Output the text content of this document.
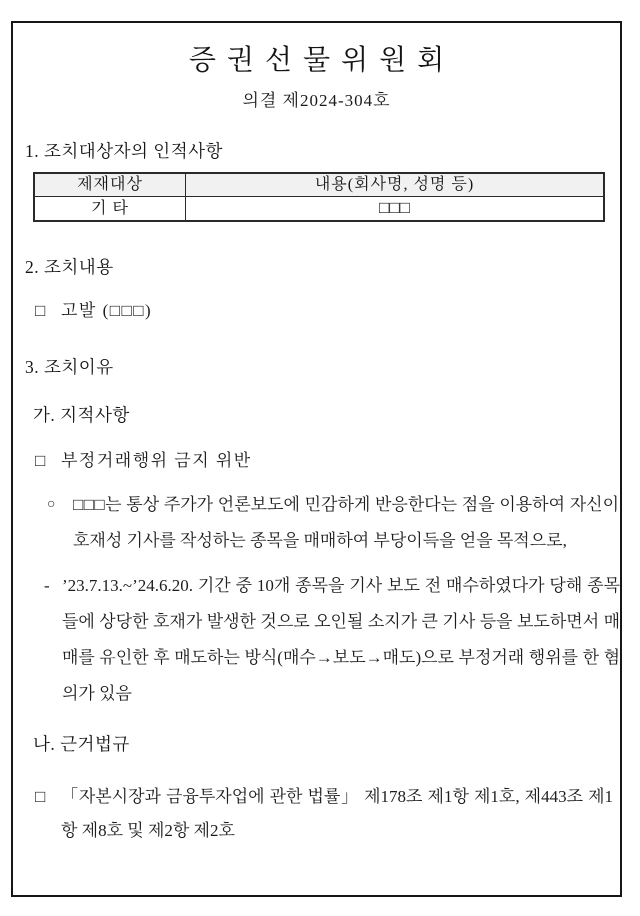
증권선물위원회
의결 제2024-304호
1. 조치대상자의 인적사항
제재대상	내용(회사명, 성명 등)
기 타	□□□
2. 조치내용
□ 고발 (□□□)
3. 조치이유
가. 지적사항
□ 부정거래행위 금지 위반
○	□□□는 통상 주가가 언론보도에 민감하게 반응한다는 점을 이용하여 자신이 호재성 기사를 작성하는 종목을 매매하여 부당이득을 얻을 목적으로,
- ’23.7.13.~’24.6.20. 기간 중 10개 종목을 기사 보도 전 매수하였다가 당해 종목들에 상당한 호재가 발생한 것으로 오인될 소지가 큰 기사 등을 보도하면서 매매를 유인한 후 매도하는 방식(매수→보도→매도)으로 부정거래 행위를 한 혐의가 있음
나. 근거법규
□ 「자본시장과 금융투자업에 관한 법률」 제178조 제1항 제1호, 제443조 제1항 제8호 및 제2항 제2호
